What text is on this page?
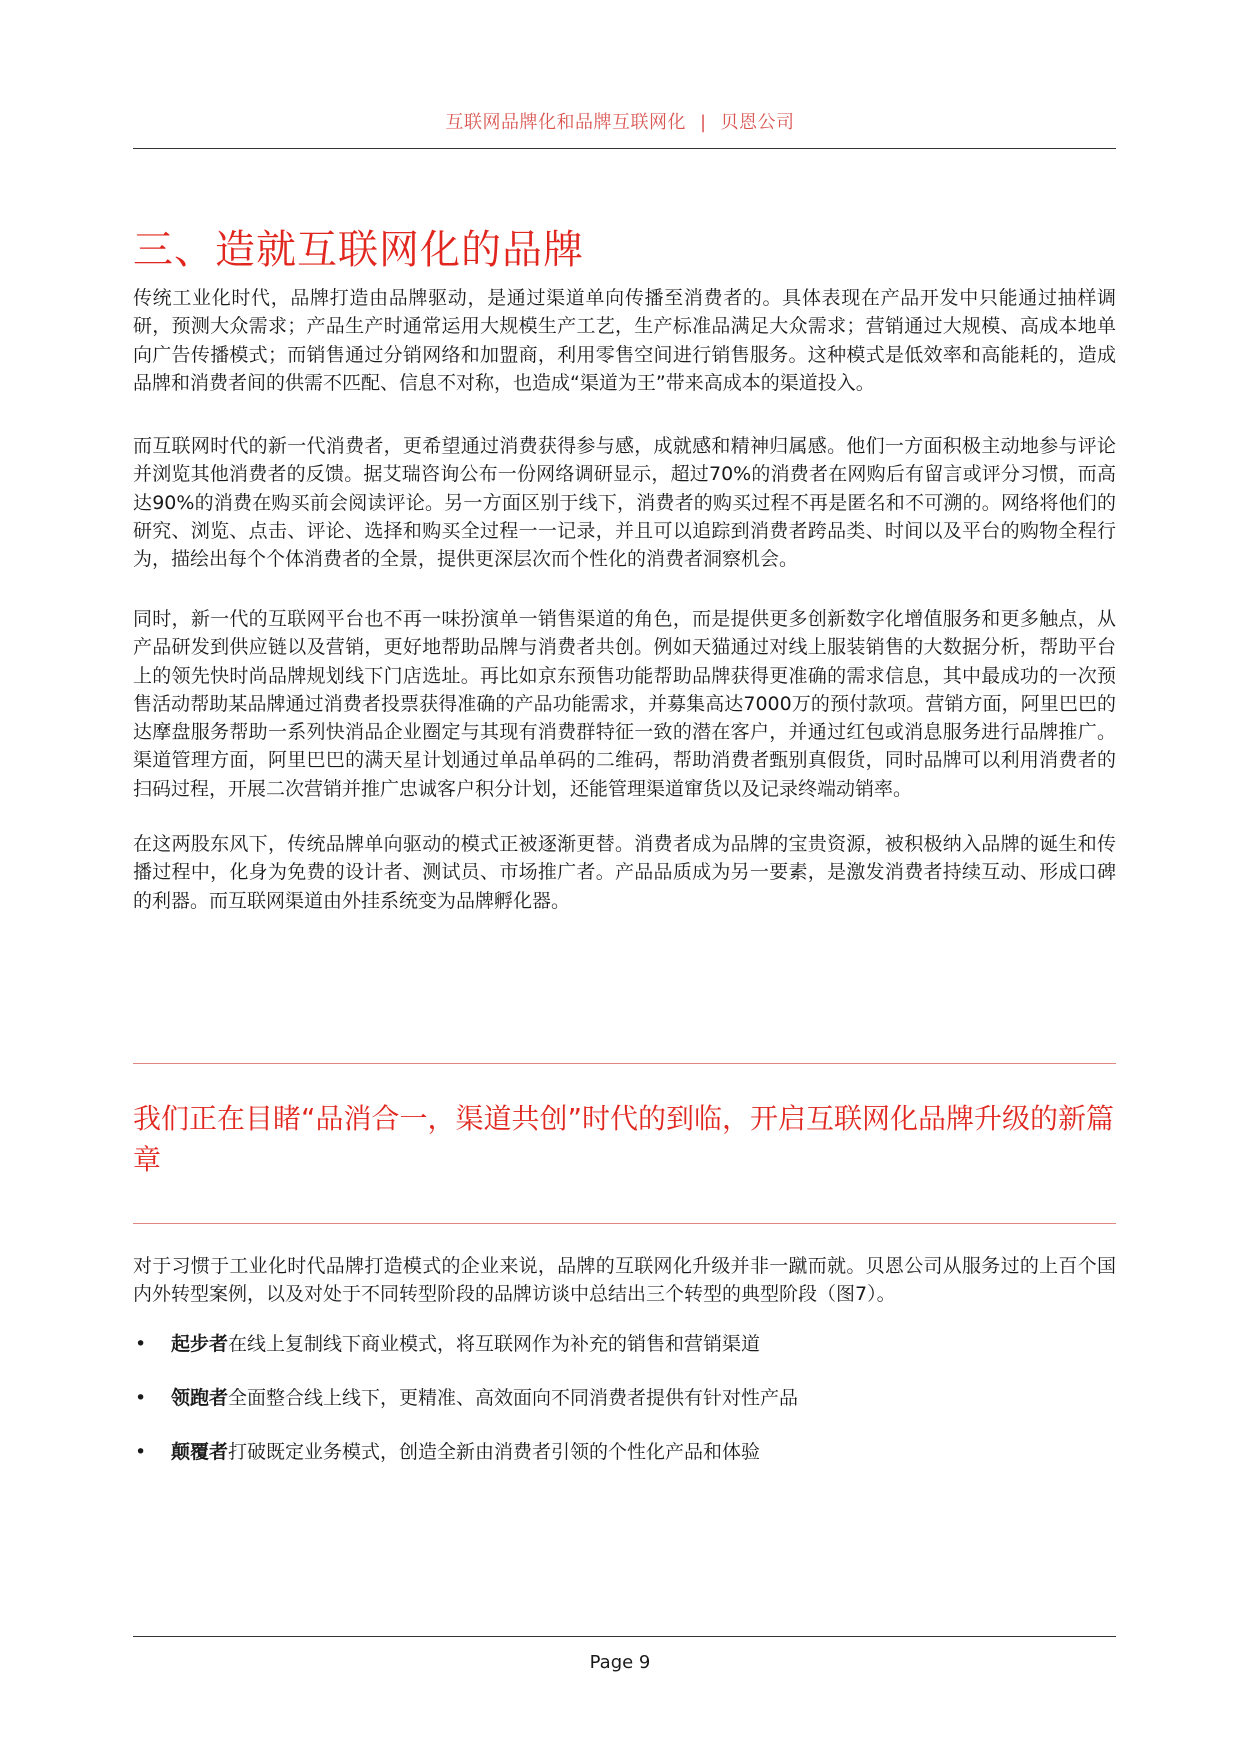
互联网品牌化和品牌互联网化 | 贝恩公司
三、造就互联网化的品牌

传统工业化时代，品牌打造由品牌驱动，是通过渠道单向传播至消费者的。具体表现在产品开发中只能通过抽样调研，预测大众需求；产品生产时通常运用大规模生产工艺，生产标准品满足大众需求；营销通过大规模、高成本地单向广告传播模式；而销售通过分销网络和加盟商，利用零售空间进行销售服务。这种模式是低效率和高能耗的，造成品牌和消费者间的供需不匹配、信息不对称，也造成“渠道为王”带来高成本的渠道投入。

而互联网时代的新一代消费者，更希望通过消费获得参与感，成就感和精神归属感。他们一方面积极主动地参与评论并浏览其他消费者的反馈。据艾瑞咨询公布一份网络调研显示，超过70%的消费者在网购后有留言或评分习惯，而高达90%的消费在购买前会阅读评论。另一方面区别于线下，消费者的购买过程不再是匿名和不可溯的。网络将他们的研究、浏览、点击、评论、选择和购买全过程一一记录，并且可以追踪到消费者跨品类、时间以及平台的购物全程行为，描绘出每个个体消费者的全景，提供更深层次而个性化的消费者洞察机会。

同时，新一代的互联网平台也不再一味扮演单一销售渠道的角色，而是提供更多创新数字化增值服务和更多触点，从产品研发到供应链以及营销，更好地帮助品牌与消费者共创。例如天猫通过对线上服装销售的大数据分析，帮助平台上的领先快时尚品牌规划线下门店选址。再比如京东预售功能帮助品牌获得更准确的需求信息，其中最成功的一次预售活动帮助某品牌通过消费者投票获得准确的产品功能需求，并募集高达7000万的预付款项。营销方面，阿里巴巴的达摩盘服务帮助一系列快消品企业圈定与其现有消费群特征一致的潜在客户，并通过红包或消息服务进行品牌推广。渠道管理方面，阿里巴巴的满天星计划通过单品单码的二维码，帮助消费者甄别真假货，同时品牌可以利用消费者的扫码过程，开展二次营销并推广忠诚客户积分计划，还能管理渠道窜货以及记录终端动销率。

在这两股东风下，传统品牌单向驱动的模式正被逐渐更替。消费者成为品牌的宝贵资源，被积极纳入品牌的诞生和传播过程中，化身为免费的设计者、测试员、市场推广者。产品品质成为另一要素，是激发消费者持续互动、形成口碑的利器。而互联网渠道由外挂系统变为品牌孵化器。

我们正在目睹“品消合一，渠道共创”时代的到临，开启互联网化品牌升级的新篇章

对于习惯于工业化时代品牌打造模式的企业来说，品牌的互联网化升级并非一蹴而就。贝恩公司从服务过的上百个国内外转型案例，以及对处于不同转型阶段的品牌访谈中总结出三个转型的典型阶段（图7）。

• 起步者在线上复制线下商业模式，将互联网作为补充的销售和营销渠道
• 领跑者全面整合线上线下，更精准、高效面向不同消费者提供有针对性产品
• 颠覆者打破既定业务模式，创造全新由消费者引领的个性化产品和体验
Page 9
